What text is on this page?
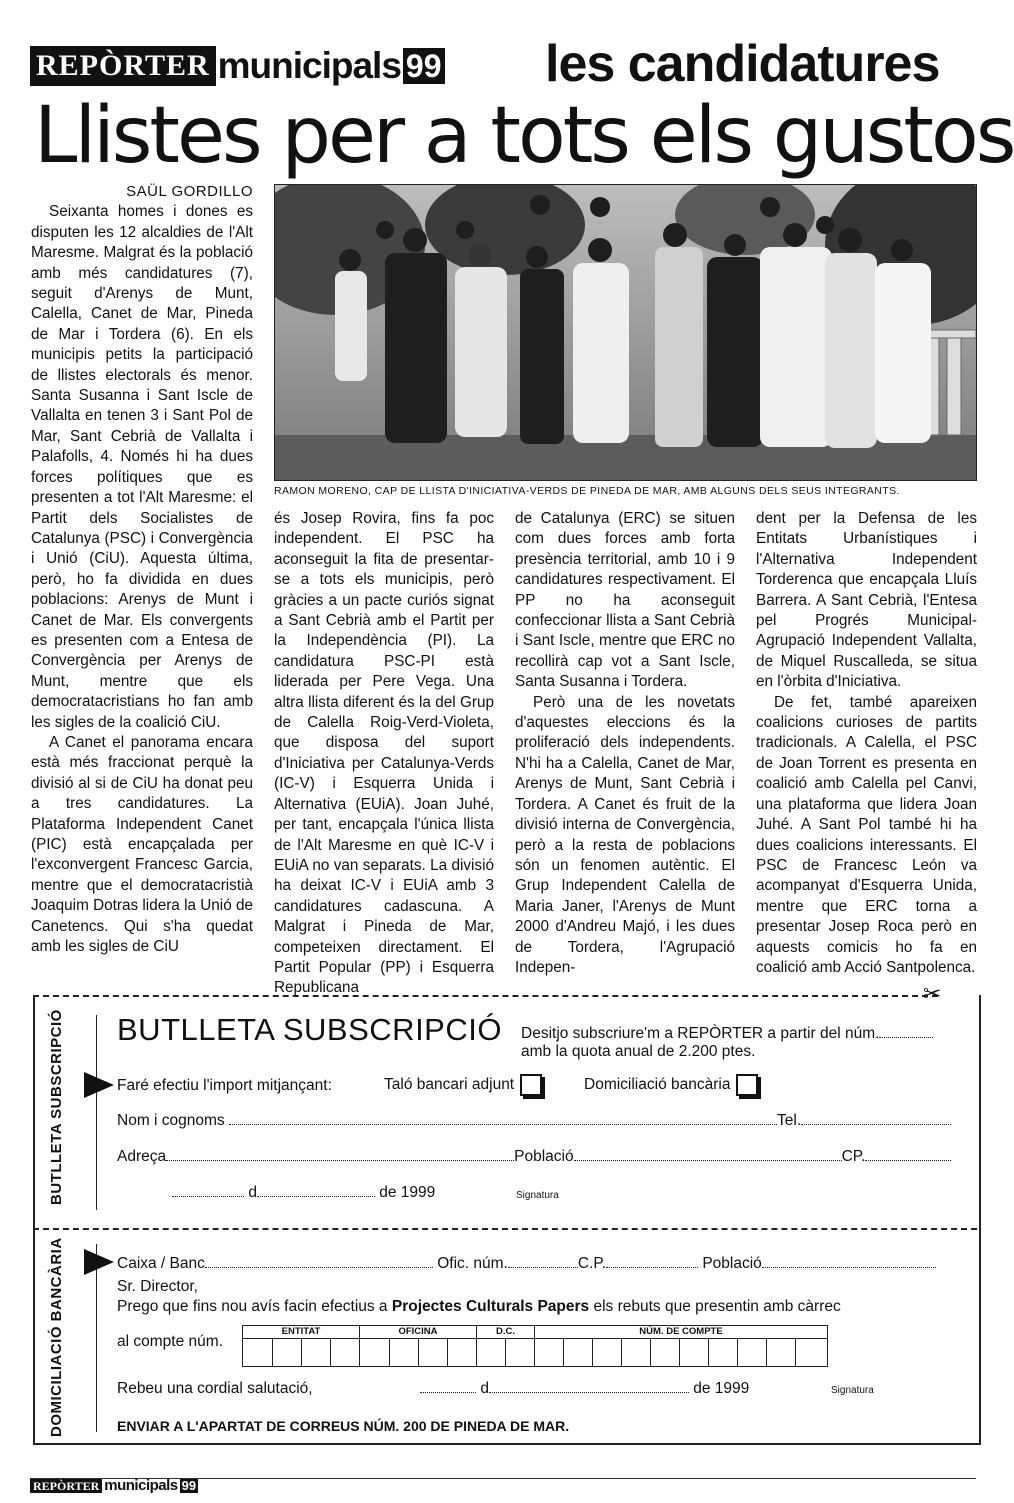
REPÒRTER municipals 99 les candidatures
Llistes per a tots els gustos
SAÜL GORDILLO

Seixanta homes i dones es disputen les 12 alcaldies de l'Alt Maresme. Malgrat és la població amb més candidatures (7), seguit d'Arenys de Munt, Calella, Canet de Mar, Pineda de Mar i Tordera (6). En els municipis petits la participació de llistes electorals és menor. Santa Susanna i Sant Iscle de Vallalta en tenen 3 i Sant Pol de Mar, Sant Cebrià de Vallalta i Palafolls, 4. Només hi ha dues forces polítiques que es presenten a tot l'Alt Maresme: el Partit dels Socialistes de Catalunya (PSC) i Convergència i Unió (CiU). Aquesta última, però, ho fa dividida en dues poblacions: Arenys de Munt i Canet de Mar. Els convergents es presenten com a Entesa de Convergència per Arenys de Munt, mentre que els democratacristians ho fan amb les sigles de la coalició CiU.

A Canet el panorama encara està més fraccionat perquè la divisió al si de CiU ha donat peu a tres candidatures. La Plataforma Independent Canet (PIC) està encapçalada per l'exconvergent Francesc Garcia, mentre que el democratacristià Joaquim Dotras lidera la Unió de Canetencs. Qui s'ha quedat amb les sigles de CiU

RAMON MORENO, CAP DE LLISTA D'INICIATIVA-VERDS DE PINEDA DE MAR, AMB ALGUNS DELS SEUS INTEGRANTS.

és Josep Rovira, fins fa poc independent. El PSC ha aconseguit la fita de presentar-se a tots els municipis, però gràcies a un pacte curiós signat a Sant Cebrià amb el Partit per la Independència (PI). La candidatura PSC-PI està liderada per Pere Vega. Una altra llista diferent és la del Grup de Calella Roig-Verd-Violeta, que disposa del suport d'Iniciativa per Catalunya-Verds (IC-V) i Esquerra Unida i Alternativa (EUiA). Joan Juhé, per tant, encapçala l'única llista de l'Alt Maresme en què IC-V i EUiA no van separats. La divisió ha deixat IC-V i EUiA amb 3 candidatures cadascuna. A Malgrat i Pineda de Mar, competeixen directament. El Partit Popular (PP) i Esquerra Republicana

de Catalunya (ERC) se situen com dues forces amb forta presència territorial, amb 10 i 9 candidatures respectivament. El PP no ha aconseguit confeccionar llista a Sant Cebrià i Sant Iscle, mentre que ERC no recollirà cap vot a Sant Iscle, Santa Susanna i Tordera.

Però una de les novetats d'aquestes eleccions és la proliferació dels independents. N'hi ha a Calella, Canet de Mar, Arenys de Munt, Sant Cebrià i Tordera. A Canet és fruit de la divisió interna de Convergència, però a la resta de poblacions són un fenomen autèntic. El Grup Independent Calella de Maria Janer, l'Arenys de Munt 2000 d'Andreu Majó, i les dues de Tordera, l'Agrupació Indepen-

dent per la Defensa de les Entitats Urbanístiques i l'Alternativa Independent Torderenca que encapçala Lluís Barrera. A Sant Cebrià, l'Entesa pel Progrés Municipal-Agrupació Independent Vallalta, de Miquel Ruscalleda, se situa en l'òrbita d'Iniciativa.

De fet, també apareixen coalicions curioses de partits tradicionals. A Calella, el PSC de Joan Torrent es presenta en coalició amb Calella pel Canvi, una plataforma que lidera Joan Juhé. A Sant Pol també hi ha dues coalicions interessants. El PSC de Francesc León va acompanyat d'Esquerra Unida, mentre que ERC torna a presentar Josep Roca però en aquests comicis ho fa en coalició amb Acció Santpolenca.

✂
BUTLLETA SUBSCRIPCIÓ
DOMICILIACIÓ BANCÀRIA
BUTLLETA SUBSCRIPCIÓ Desitjo subscriure'm a REPÒRTER a partir del núm.
amb la quota anual de 2.200 ptes.
Faré efectiu l'import mitjançant:	Taló bancari adjunt	Domiciliació bancària
Nom i cognoms	Tel.
Adreça	Població	CP.
d	de 1999	Signatura
Caixa / Banc	Ofic. núm.	C.P.	Població
Sr. Director,
Prego que fins nou avís facin efectius a Projectes Culturals Papers els rebuts que presentin amb càrrec
al compte núm.
ENTITAT	OFICINA	D.C.	NÚM. DE COMPTE
Rebeu una cordial salutació,	d	de 1999	Signatura
ENVIAR A L'APARTAT DE CORREUS NÚM. 200 DE PINEDA DE MAR.
REPÒRTER municipals 99
